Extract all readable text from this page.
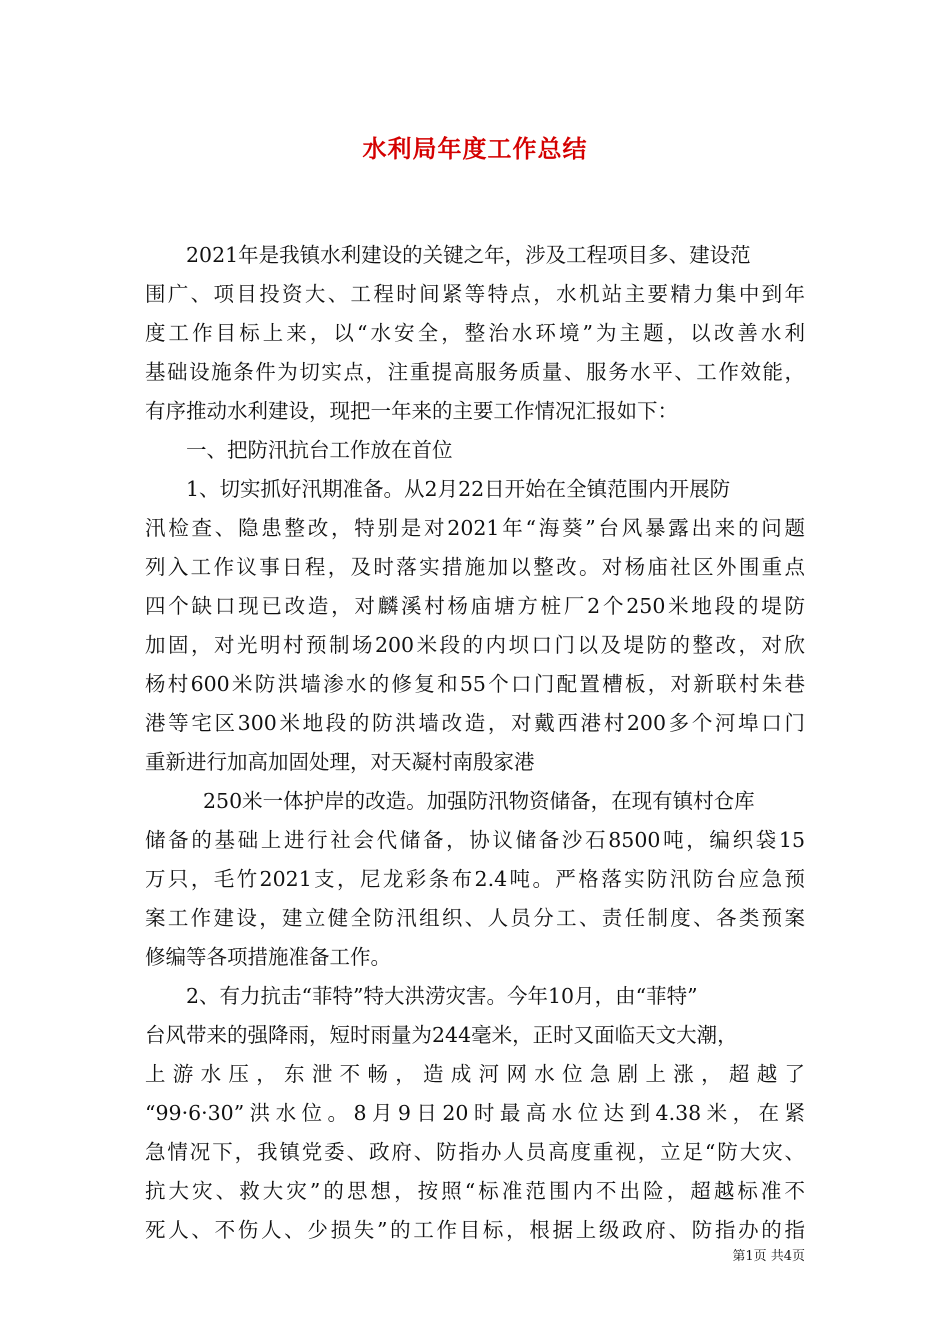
水利局年度工作总结
2021年是我镇水利建设的关键之年，涉及工程项目多、建设范
围广、项目投资大、工程时间紧等特点，水机站主要精力集中到年
度工作目标上来，以“水安全，整治水环境”为主题，以改善水利
基础设施条件为切实点，注重提高服务质量、服务水平、工作效能，
有序推动水利建设，现把一年来的主要工作情况汇报如下：
一、把防汛抗台工作放在首位
1、切实抓好汛期准备。从2月22日开始在全镇范围内开展防
汛检查、隐患整改，特别是对2021年“海葵”台风暴露出来的问题
列入工作议事日程，及时落实措施加以整改。对杨庙社区外围重点
四个缺口现已改造，对麟溪村杨庙塘方桩厂2个250米地段的堤防
加固，对光明村预制场200米段的内坝口门以及堤防的整改，对欣
杨村600米防洪墙渗水的修复和55个口门配置槽板，对新联村朱巷
港等宅区300米地段的防洪墙改造，对戴西港村200多个河埠口门
重新进行加高加固处理，对天凝村南殷家港
250米一体护岸的改造。加强防汛物资储备，在现有镇村仓库
储备的基础上进行社会代储备，协议储备沙石8500吨，编织袋15
万只，毛竹2021支，尼龙彩条布2.4吨。严格落实防汛防台应急预
案工作建设，建立健全防汛组织、人员分工、责任制度、各类预案
修编等各项措施准备工作。
2、有力抗击“菲特”特大洪涝灾害。今年10月，由“菲特”
台风带来的强降雨，短时雨量为244毫米，正时又面临天文大潮，
上游水压，东泄不畅，造成河网水位急剧上涨，超越了
“99·6·30”洪水位。8月9日20时最高水位达到4.38米，在紧
急情况下，我镇党委、政府、防指办人员高度重视，立足“防大灾、
抗大灾、救大灾”的思想，按照“标准范围内不出险，超越标准不
死人、不伤人、少损失”的工作目标，根据上级政府、防指办的指
第1页 共4页
